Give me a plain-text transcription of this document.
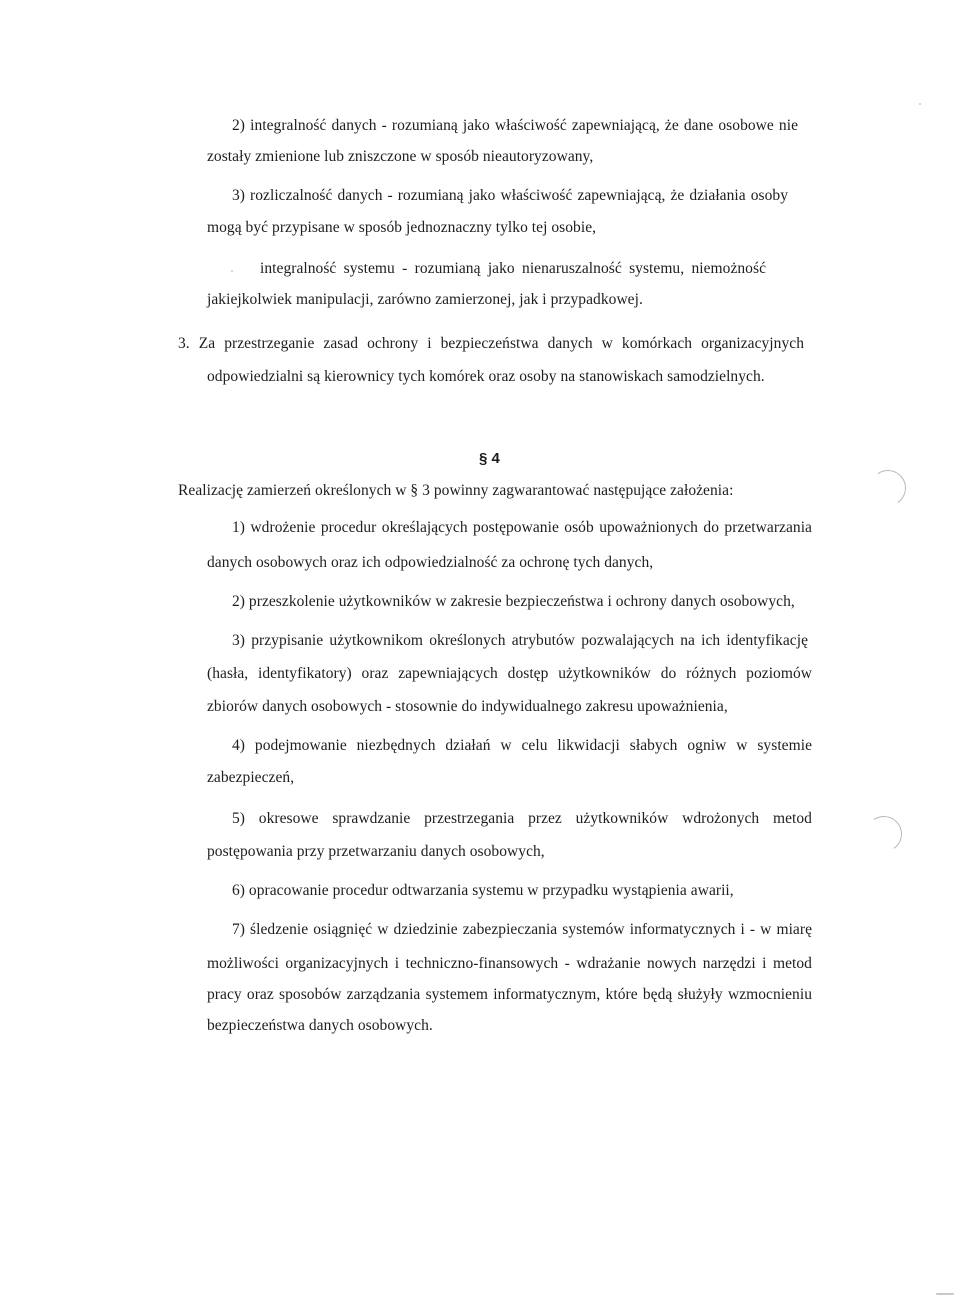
2) integralność danych - rozumianą jako właściwość zapewniającą, że dane osobowe nie
zostały zmienione lub zniszczone w sposób nieautoryzowany,
3) rozliczalność danych - rozumianą jako właściwość zapewniającą, że działania osoby
mogą być przypisane w sposób jednoznaczny tylko tej osobie,
integralność systemu - rozumianą jako nienaruszalność systemu, niemożność
jakiejkolwiek manipulacji, zarówno zamierzonej, jak i przypadkowej.
3. Za przestrzeganie zasad ochrony i bezpieczeństwa danych w komórkach organizacyjnych
odpowiedzialni są kierownicy tych komórek oraz osoby na stanowiskach samodzielnych.
§ 4
Realizację zamierzeń określonych w § 3 powinny zagwarantować następujące założenia:
1) wdrożenie procedur określających postępowanie osób upoważnionych do przetwarzania
danych osobowych oraz ich odpowiedzialność za ochronę tych danych,
2) przeszkolenie użytkowników w zakresie bezpieczeństwa i ochrony danych osobowych,
3) przypisanie użytkownikom określonych atrybutów pozwalających na ich identyfikację
(hasła, identyfikatory) oraz zapewniających dostęp użytkowników do różnych poziomów
zbiorów danych osobowych - stosownie do indywidualnego zakresu upoważnienia,
4) podejmowanie niezbędnych działań w celu likwidacji słabych ogniw w systemie
zabezpieczeń,
5) okresowe sprawdzanie przestrzegania przez użytkowników wdrożonych metod
postępowania przy przetwarzaniu danych osobowych,
6) opracowanie procedur odtwarzania systemu w przypadku wystąpienia awarii,
7) śledzenie osiągnięć w dziedzinie zabezpieczania systemów informatycznych i - w miarę
możliwości organizacyjnych i techniczno-finansowych - wdrażanie nowych narzędzi i metod
pracy oraz sposobów zarządzania systemem informatycznym, które będą służyły wzmocnieniu
bezpieczeństwa danych osobowych.
